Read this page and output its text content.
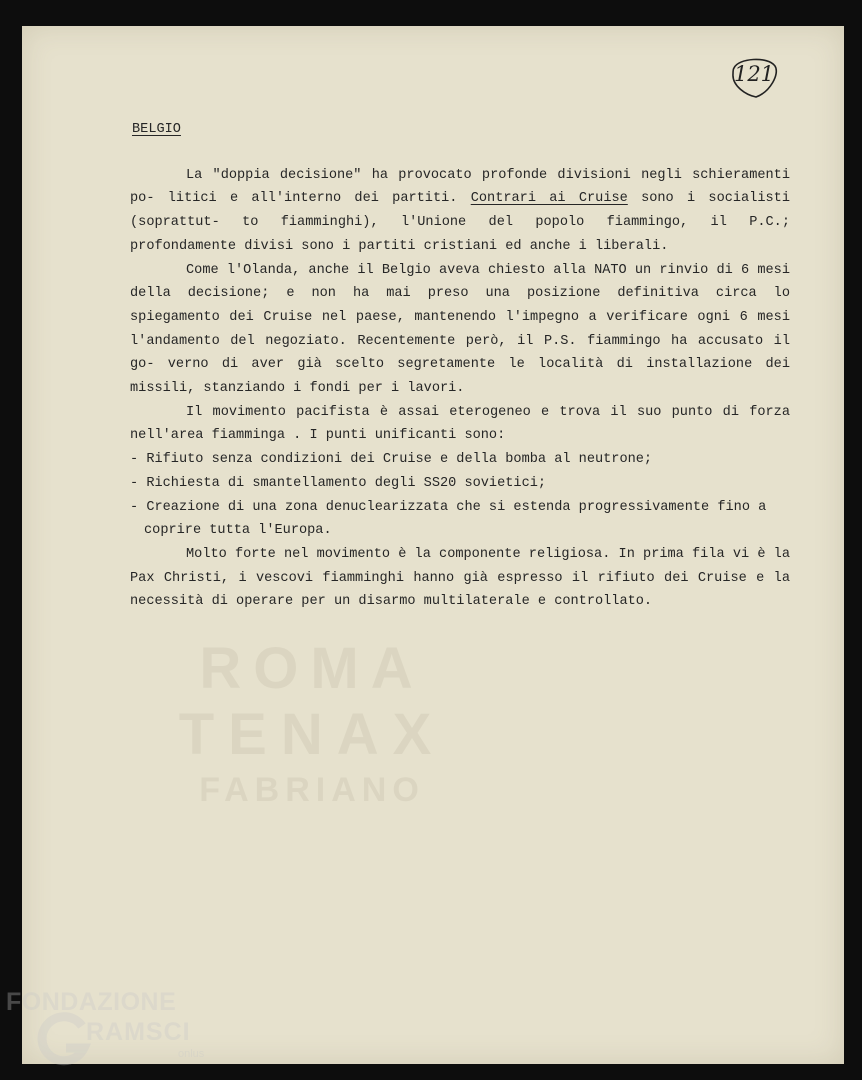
ROMA
TENAX
FABRIANO
121

BELGIO

La "doppia decisione" ha provocato profonde divisioni negli schieramenti po- litici e all'interno dei partiti. Contrari ai Cruise sono i socialisti (soprattut- to fiamminghi), l'Unione del popolo fiammingo, il P.C.; profondamente divisi sono i partiti cristiani ed anche i liberali.

Come l'Olanda, anche il Belgio aveva chiesto alla NATO un rinvio di 6 mesi della decisione; e non ha mai preso una posizione definitiva circa lo spiegamento dei Cruise nel paese, mantenendo l'impegno a verificare ogni 6 mesi l'andamento del negoziato. Recentemente però, il P.S. fiammingo ha accusato il go- verno di aver già scelto segretamente le località di installazione dei missili, stanziando i fondi per i lavori.

Il movimento pacifista è assai eterogeneo e trova il suo punto di forza nell'area fiamminga . I punti unificanti sono:

- Rifiuto senza condizioni dei Cruise e della bomba al neutrone;

- Richiesta di smantellamento degli SS20 sovietici;

- Creazione di una zona denuclearizzata che si estenda progressivamente fino a coprire tutta l'Europa.

Molto forte nel movimento è la componente religiosa. In prima fila vi è la Pax Christi, i vescovi fiamminghi hanno già espresso il rifiuto dei Cruise e la necessità di operare per un disarmo multilaterale e controllato.

FONDAZIONE
RAMSCI
onlus
